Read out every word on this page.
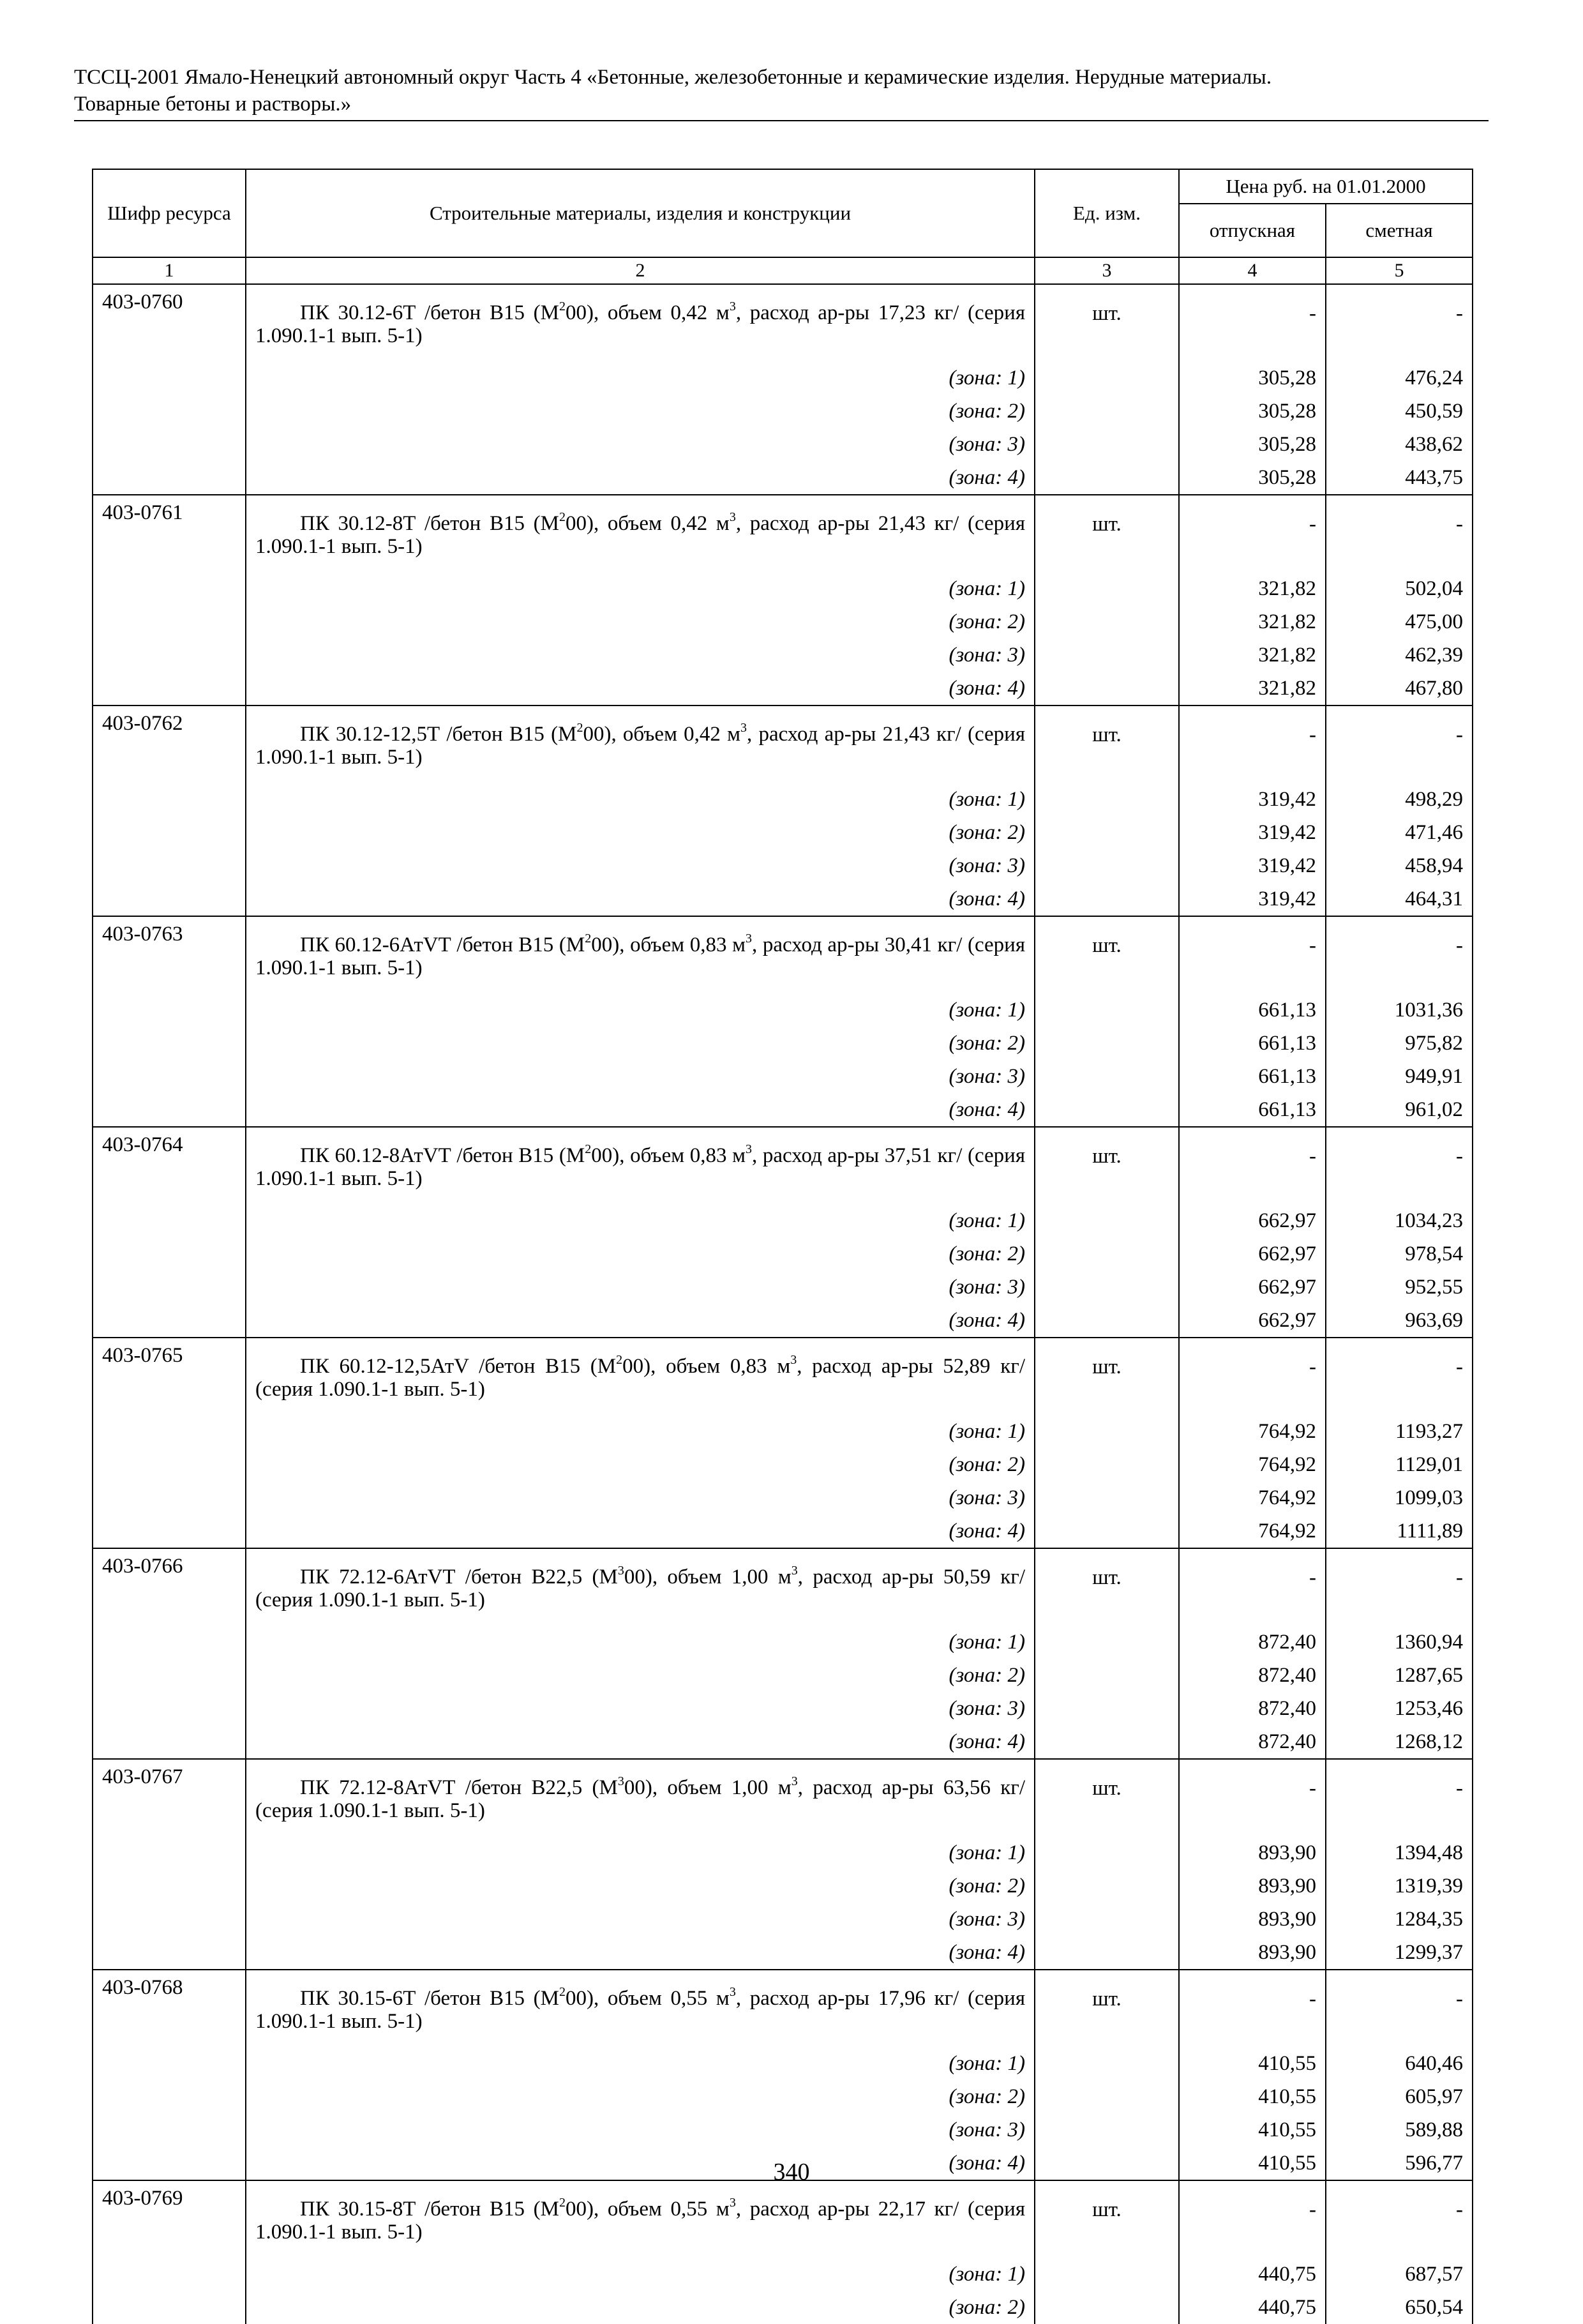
ТССЦ-2001 Ямало-Ненецкий автономный округ Часть 4 «Бетонные, железобетонные и керамические изделия. Нерудные материалы.
Товарные бетоны и растворы.»
Шифр ресурса	Строительные материалы, изделия и конструкции	Ед. изм.	Цена руб. на 01.01.2000	
			отпускная	сметная
1	2	3	4	5
403-0760	ПК 30.12-6Т /бетон В15 $(М^200)$, объем 0,42 $м^3$, расход ар-ры 17,23 кг/ (серия 1.090.1-1 вып. 5-1)	шт.	-	-
	(зона: 1)		305,28	476,24
	(зона: 2)		305,28	450,59
	(зона: 3)		305,28	438,62
	(зона: 4)		305,28	443,75
403-0761	ПК 30.12-8Т /бетон В15 $(М^200)$, объем 0,42 $м^3$, расход ар-ры 21,43 кг/ (серия 1.090.1-1 вып. 5-1)	шт.	-	-
	(зона: 1)		321,82	502,04
	(зона: 2)		321,82	475,00
	(зона: 3)		321,82	462,39
	(зона: 4)		321,82	467,80
403-0762	ПК 30.12-12,5Т /бетон В15 $(М^200)$, объем 0,42 $м^3$, расход ар-ры 21,43 кг/ (серия 1.090.1-1 вып. 5-1)	шт.	-	-
	(зона: 1)		319,42	498,29
	(зона: 2)		319,42	471,46
	(зона: 3)		319,42	458,94
	(зона: 4)		319,42	464,31
403-0763	ПК 60.12-6АтVТ /бетон В15 $(М^200)$, объем 0,83 $м^3$, расход ар-ры 30,41 кг/ (серия 1.090.1-1 вып. 5-1)	шт.	-	-
	(зона: 1)		661,13	1031,36
	(зона: 2)		661,13	975,82
	(зона: 3)		661,13	949,91
	(зона: 4)		661,13	961,02
403-0764	ПК 60.12-8АтVТ /бетон В15 $(М^200)$, объем 0,83 $м^3$, расход ар-ры 37,51 кг/ (серия 1.090.1-1 вып. 5-1)	шт.	-	-
	(зона: 1)		662,97	1034,23
	(зона: 2)		662,97	978,54
	(зона: 3)		662,97	952,55
	(зона: 4)		662,97	963,69
403-0765	ПК 60.12-12,5АтV /бетон В15 $(М^200)$, объем 0,83 $м^3$, расход ар-ры 52,89 кг/ (серия 1.090.1-1 вып. 5-1)	шт.	-	-
	(зона: 1)		764,92	1193,27
	(зона: 2)		764,92	1129,01
	(зона: 3)		764,92	1099,03
	(зона: 4)		764,92	1111,89
403-0766	ПК 72.12-6АтVТ /бетон В22,5 $(М^300)$, объем 1,00 $м^3$, расход ар-ры 50,59 кг/ (серия 1.090.1-1 вып. 5-1)	шт.	-	-
	(зона: 1)		872,40	1360,94
	(зона: 2)		872,40	1287,65
	(зона: 3)		872,40	1253,46
	(зона: 4)		872,40	1268,12
403-0767	ПК 72.12-8АтVТ /бетон В22,5 $(М^300)$, объем 1,00 $м^3$, расход ар-ры 63,56 кг/ (серия 1.090.1-1 вып. 5-1)	шт.	-	-
	(зона: 1)		893,90	1394,48
	(зона: 2)		893,90	1319,39
	(зона: 3)		893,90	1284,35
	(зона: 4)		893,90	1299,37
403-0768	ПК 30.15-6Т /бетон В15 $(М^200)$, объем 0,55 $м^3$, расход ар-ры 17,96 кг/ (серия 1.090.1-1 вып. 5-1)	шт.	-	-
	(зона: 1)		410,55	640,46
	(зона: 2)		410,55	605,97
	(зона: 3)		410,55	589,88
	(зона: 4)		410,55	596,77
403-0769	ПК 30.15-8Т /бетон В15 $(М^200)$, объем 0,55 $м^3$, расход ар-ры 22,17 кг/ (серия 1.090.1-1 вып. 5-1)	шт.	-	-
	(зона: 1)		440,75	687,57
	(зона: 2)		440,75	650,54
340
